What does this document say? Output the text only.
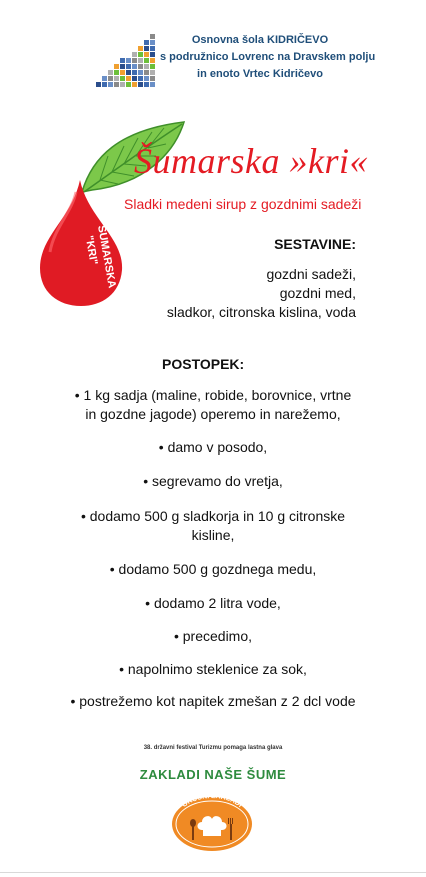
Osnovna šola KIDRIČEVO
s podružnico Lovrenc na Dravskem polju
in enoto Vrtec Kidričevo
ŠUMARSKA
"KRI"
Šumarska »kri«
Sladki medeni sirup z gozdnimi sadeži
SESTAVINE:
gozdni sadeži,
gozdni med,
sladkor, citronska kislina, voda
POSTOPEK:
• 1 kg sadja (maline, robide, borovnice, vrtne
in gozdne jagode) operemo in narežemo,
• damo v posodo,
• segrevamo do vretja,
• dodamo 500 g sladkorja in 10 g citronske
kisline,
• dodamo 500 g gozdnega medu,
• dodamo 2 litra vode,
• precedimo,
• napolnimo steklenice za sok,
• postrežemo kot napitek zmešan z 2 dcl vode
38. državni festival Turizmu pomaga lastna glava
ZAKLADI NAŠE ŠUME
OKUSNI ZAKLADI
